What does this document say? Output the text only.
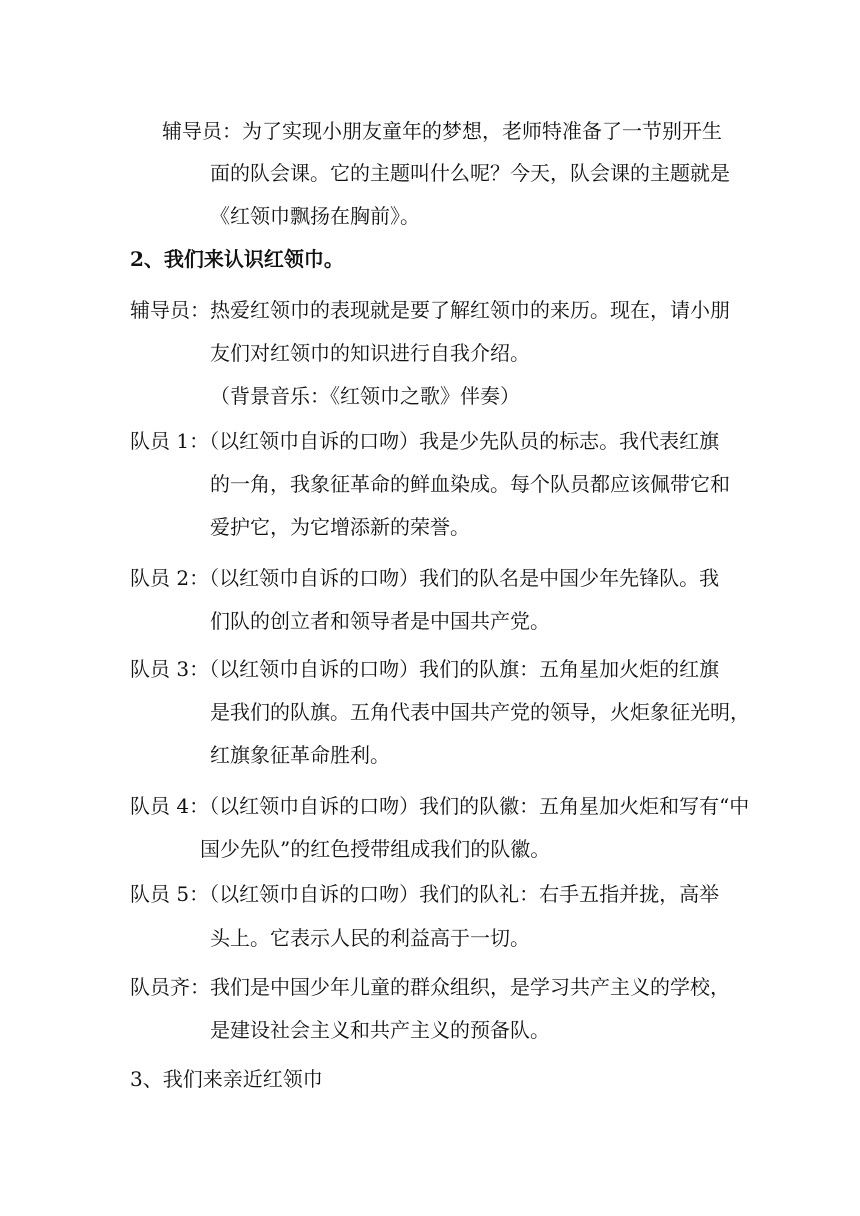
辅导员：为了实现小朋友童年的梦想，老师特准备了一节别开生
面的队会课。它的主题叫什么呢？今天，队会课的主题就是
《红领巾飘扬在胸前》。
2、我们来认识红领巾。
辅导员：热爱红领巾的表现就是要了解红领巾的来历。现在，请小朋
友们对红领巾的知识进行自我介绍。
（背景音乐：《红领巾之歌》伴奏）
队员 1：（以红领巾自诉的口吻）我是少先队员的标志。我代表红旗
的一角，我象征革命的鲜血染成。每个队员都应该佩带它和
爱护它，为它增添新的荣誉。
队员 2：（以红领巾自诉的口吻）我们的队名是中国少年先锋队。我
们队的创立者和领导者是中国共产党。
队员 3：（以红领巾自诉的口吻）我们的队旗：五角星加火炬的红旗
是我们的队旗。五角代表中国共产党的领导，火炬象征光明，
红旗象征革命胜利。
队员 4：（以红领巾自诉的口吻）我们的队徽：五角星加火炬和写有“中
国少先队”的红色授带组成我们的队徽。
队员 5：（以红领巾自诉的口吻）我们的队礼：右手五指并拢，高举
头上。它表示人民的利益高于一切。
队员齐：我们是中国少年儿童的群众组织，是学习共产主义的学校，
是建设社会主义和共产主义的预备队。
3、我们来亲近红领巾
